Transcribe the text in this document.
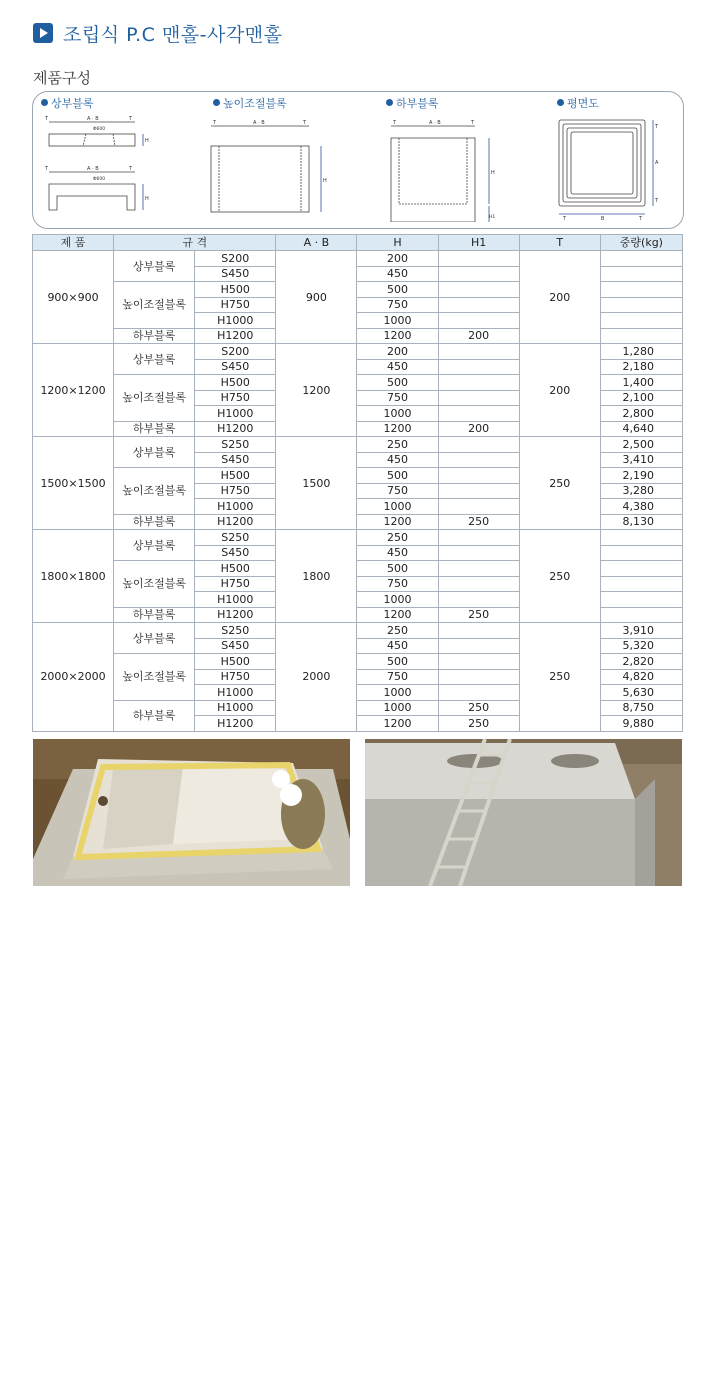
조립식 P.C 맨홀-사각맨홀
제품구성
상부블록	높이조절블록	하부블록	평면도
T	A · B	T
Φ600
H
T	A · B	T
Φ600
H
T	A · B	T
H
T	A · B	T
H
H1
T
A
T
T	B	T
제 품	규 격		A · B	H	H1	T	중량(kg)
900×900	상부블록	S200	900	200		200	
		S450		450			
	높이조절블록	H500		500			
		H750		750			
		H1000		1000			
	하부블록	H1200		1200	200		
1200×1200	상부블록	S200	1200	200		200	1,280
		S450		450			2,180
	높이조절블록	H500		500			1,400
		H750		750			2,100
		H1000		1000			2,800
	하부블록	H1200		1200	200		4,640
1500×1500	상부블록	S250	1500	250		250	2,500
		S450		450			3,410
	높이조절블록	H500		500			2,190
		H750		750			3,280
		H1000		1000			4,380
	하부블록	H1200		1200	250		8,130
1800×1800	상부블록	S250	1800	250		250	
		S450		450			
	높이조절블록	H500		500			
		H750		750			
		H1000		1000			
	하부블록	H1200		1200	250		
2000×2000	상부블록	S250	2000	250		250	3,910
		S450		450			5,320
	높이조절블록	H500		500			2,820
		H750		750			4,820
		H1000		1000			5,630
	하부블록	H1000		1000	250		8,750
		H1200		1200	250		9,880
